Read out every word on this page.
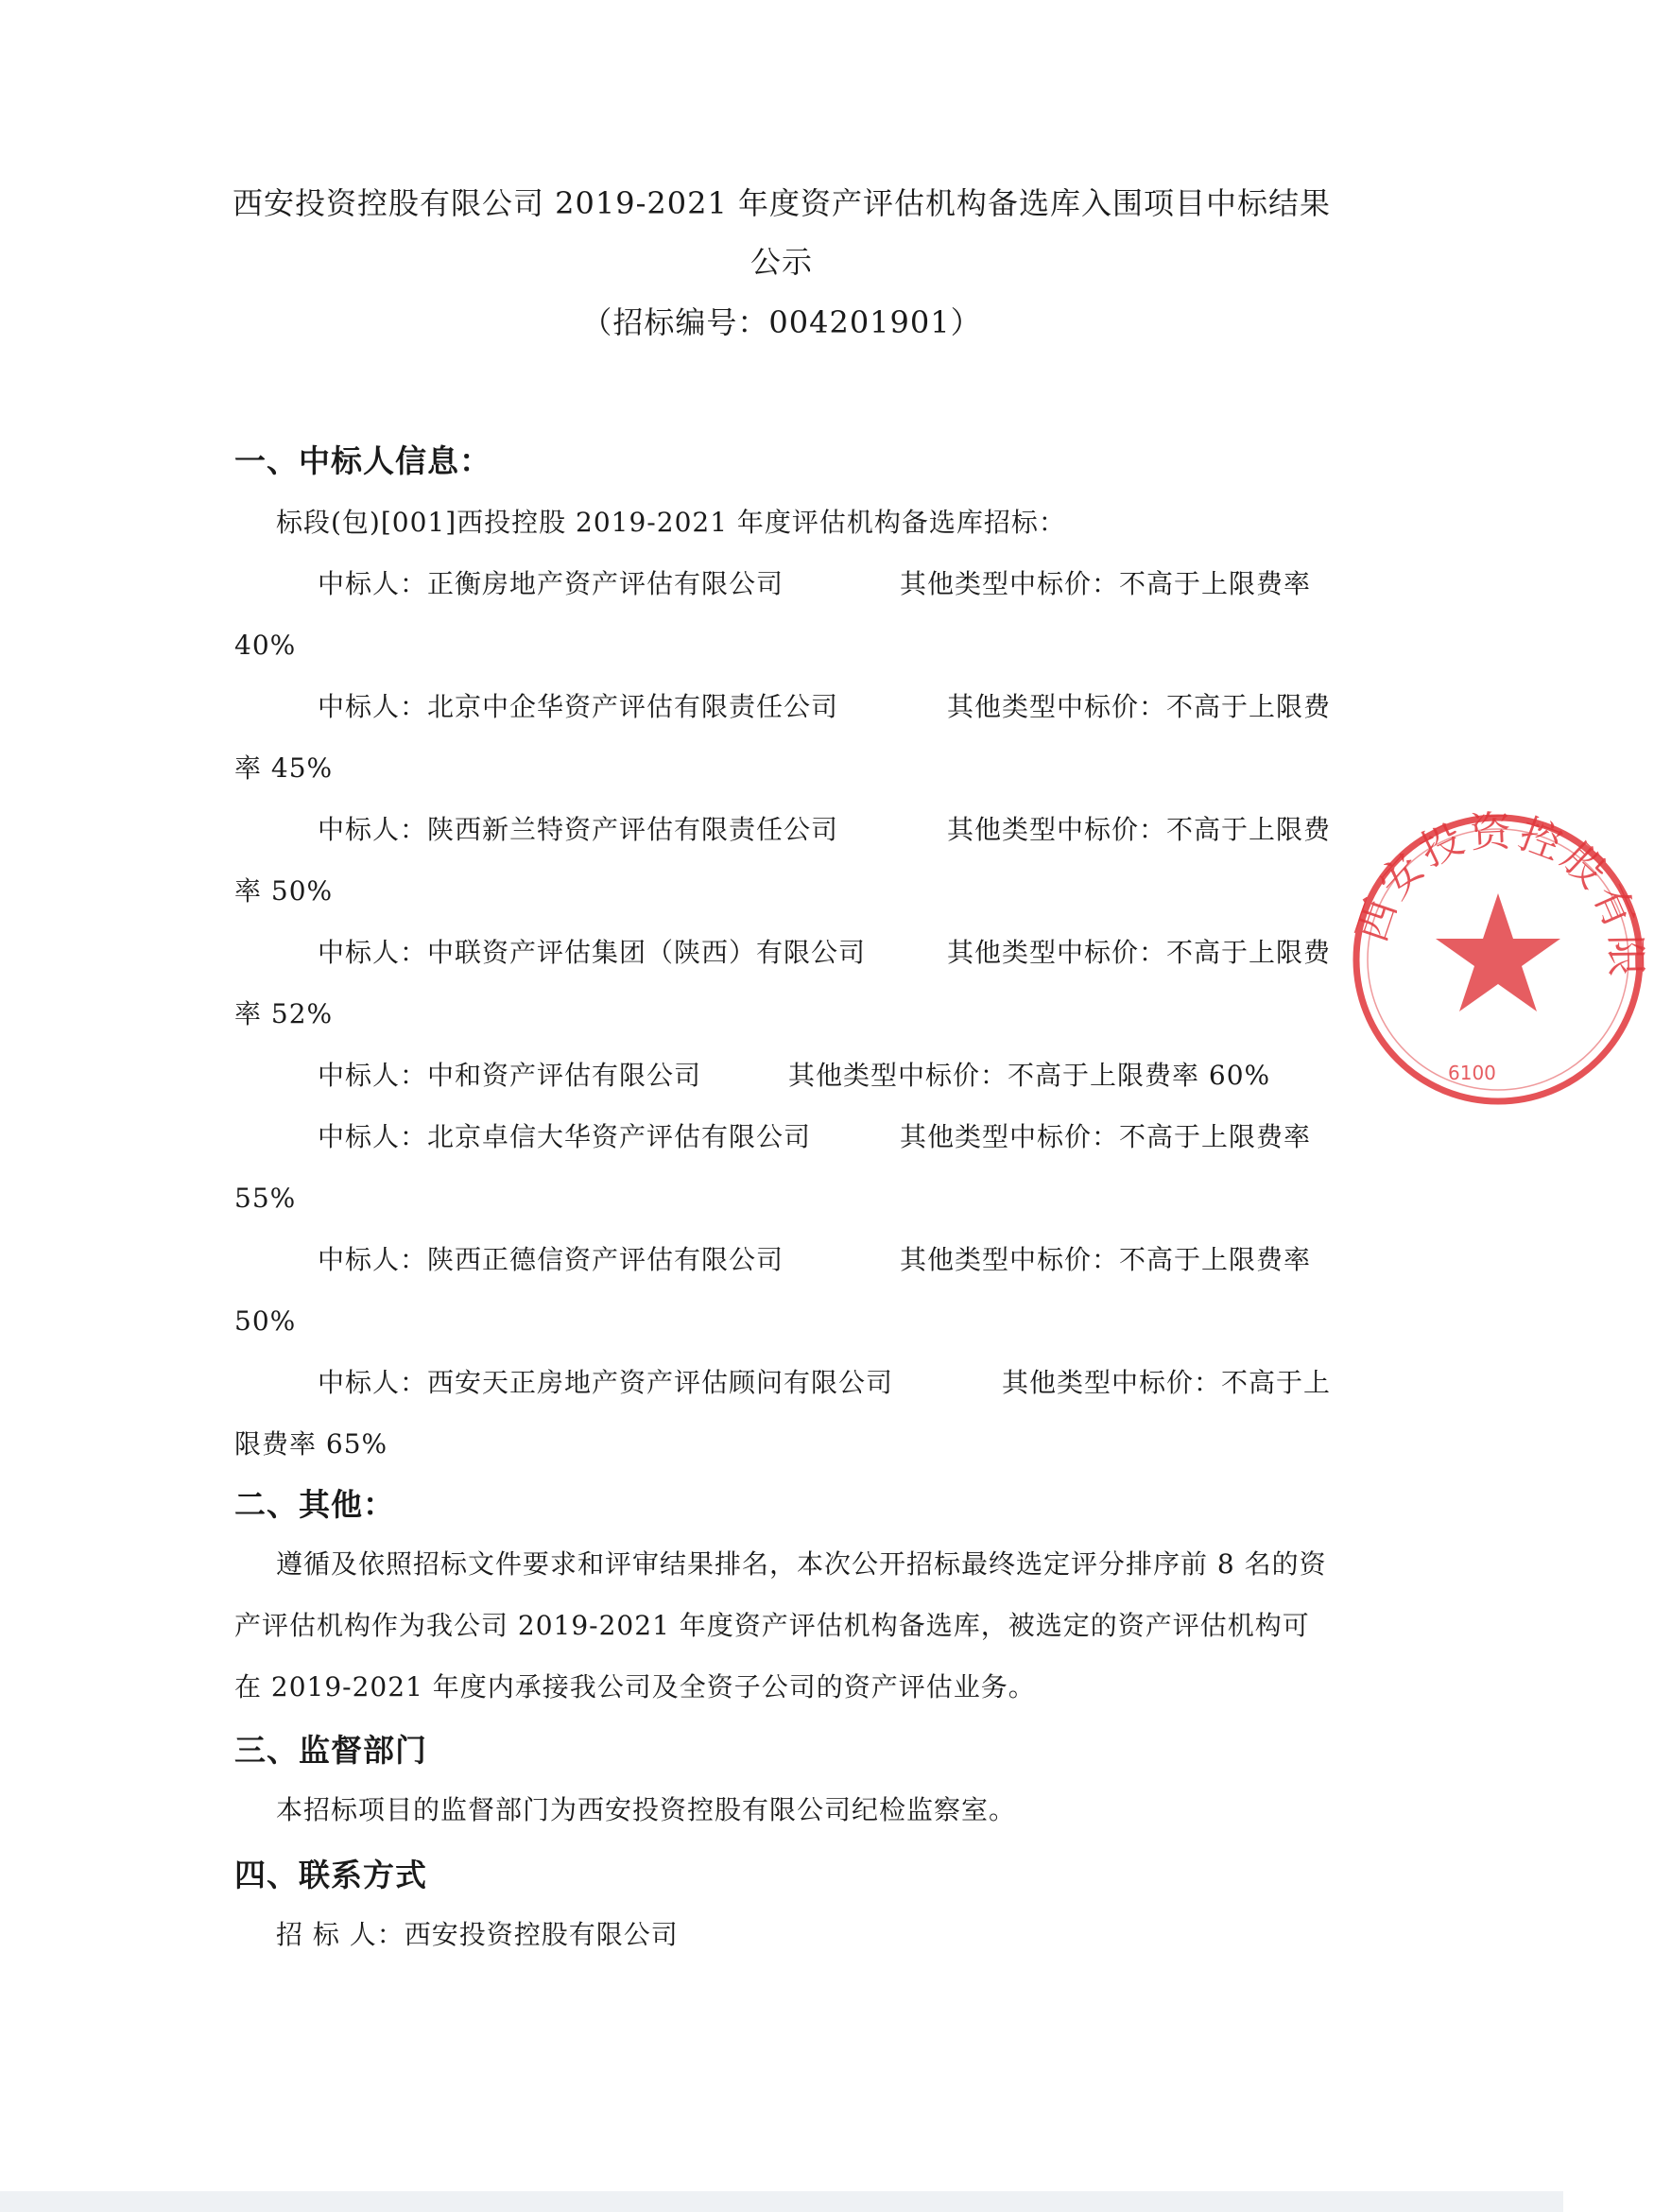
西安投资控股有限公司 2019-2021 年度资产评估机构备选库入围项目中标结果
公示
（招标编号：004201901）
一、中标人信息：
标段(包)[001]西投控股 2019-2021 年度评估机构备选库招标：
中标人：正衡房地产资产评估有限公司	其他类型中标价：不高于上限费率
40%
中标人：北京中企华资产评估有限责任公司	其他类型中标价：不高于上限费
率 45%
中标人：陕西新兰特资产评估有限责任公司	其他类型中标价：不高于上限费
率 50%
中标人：中联资产评估集团（陕西）有限公司	其他类型中标价：不高于上限费
率 52%
中标人：中和资产评估有限公司	其他类型中标价：不高于上限费率 60%
中标人：北京卓信大华资产评估有限公司	其他类型中标价：不高于上限费率
55%
中标人：陕西正德信资产评估有限公司	其他类型中标价：不高于上限费率
50%
中标人：西安天正房地产资产评估顾问有限公司	其他类型中标价：不高于上
限费率 65%
二、其他：
遵循及依照招标文件要求和评审结果排名，本次公开招标最终选定评分排序前 8 名的资产评估机构作为我公司 2019-2021 年度资产评估机构备选库，被选定的资产评估机构可在 2019-2021 年度内承接我公司及全资子公司的资产评估业务。
三、监督部门
本招标项目的监督部门为西安投资控股有限公司纪检监察室。
四、联系方式
招 标 人：西安投资控股有限公司
西安投资控股有限
6100
